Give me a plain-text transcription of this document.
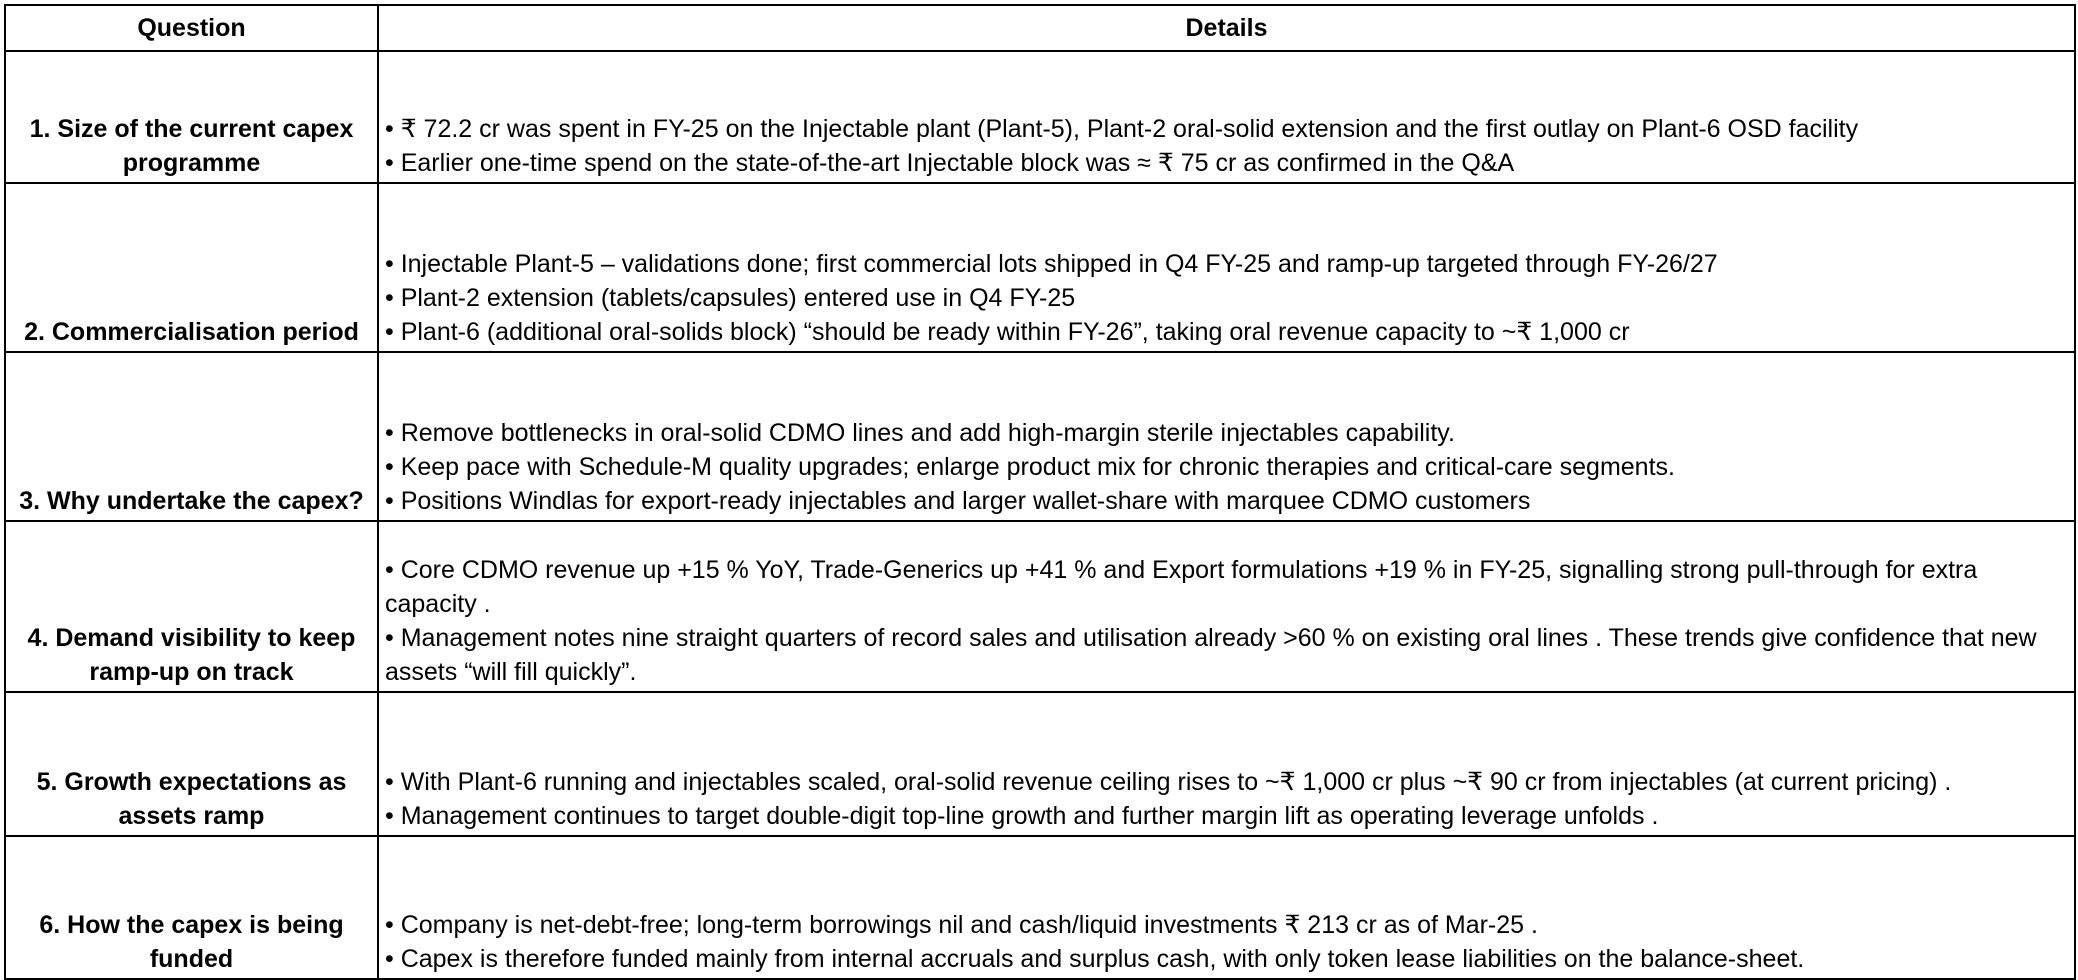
Question	Details
1. Size of the current capex programme	• ₹ 72.2 cr was spent in FY-25 on the Injectable plant (Plant-5), Plant-2 oral-solid extension and the first outlay on Plant-6 OSD facility
• Earlier one-time spend on the state-of-the-art Injectable block was ≈ ₹ 75 cr as confirmed in the Q&A

2. Commercialisation period	• Injectable Plant-5 – validations done; first commercial lots shipped in Q4 FY-25 and ramp-up targeted through FY-26/27
• Plant-2 extension (tablets/capsules) entered use in Q4 FY-25
• Plant-6 (additional oral-solids block) “should be ready within FY-26”, taking oral revenue capacity to ~₹ 1,000 cr

3. Why undertake the capex?	• Remove bottlenecks in oral-solid CDMO lines and add high-margin sterile injectables capability.
• Keep pace with Schedule-M quality upgrades; enlarge product mix for chronic therapies and critical-care segments.
• Positions Windlas for export-ready injectables and larger wallet-share with marquee CDMO customers

4. Demand visibility to keep ramp-up on track	• Core CDMO revenue up +15 % YoY, Trade-Generics up +41 % and Export formulations +19 % in FY-25, signalling strong pull-through for extra capacity .
• Management notes nine straight quarters of record sales and utilisation already >60 % on existing oral lines . These trends give confidence that new assets “will fill quickly”.

5. Growth expectations as assets ramp	• With Plant-6 running and injectables scaled, oral-solid revenue ceiling rises to ~₹ 1,000 cr plus ~₹ 90 cr from injectables (at current pricing) .
• Management continues to target double-digit top-line growth and further margin lift as operating leverage unfolds .

6. How the capex is being funded	• Company is net-debt-free; long-term borrowings nil and cash/liquid investments ₹ 213 cr as of Mar-25 .
• Capex is therefore funded mainly from internal accruals and surplus cash, with only token lease liabilities on the balance-sheet.
